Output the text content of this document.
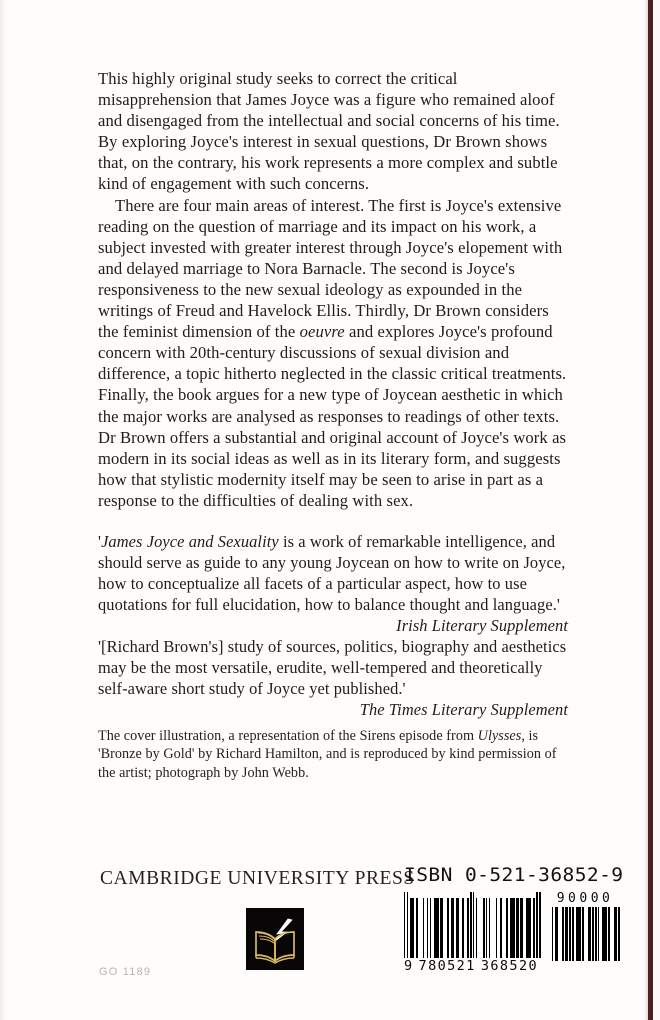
This highly original study seeks to correct the critical misapprehension that James Joyce was a figure who remained aloof and disengaged from the intellectual and social concerns of his time. By exploring Joyce's interest in sexual questions, Dr Brown shows that, on the contrary, his work represents a more complex and subtle kind of engagement with such concerns.

There are four main areas of interest. The first is Joyce's extensive reading on the question of marriage and its impact on his work, a subject invested with greater interest through Joyce's elopement with and delayed marriage to Nora Barnacle. The second is Joyce's responsiveness to the new sexual ideology as expounded in the writings of Freud and Havelock Ellis. Thirdly, Dr Brown considers the feminist dimension of the oeuvre and explores Joyce's profound concern with 20th-century discussions of sexual division and difference, a topic hitherto neglected in the classic critical treatments. Finally, the book argues for a new type of Joycean aesthetic in which the major works are analysed as responses to readings of other texts. Dr Brown offers a substantial and original account of Joyce's work as modern in its social ideas as well as in its literary form, and suggests how that stylistic modernity itself may be seen to arise in part as a response to the difficulties of dealing with sex.

'James Joyce and Sexuality is a work of remarkable intelligence, and should serve as guide to any young Joycean on how to write on Joyce, how to conceptualize all facets of a particular aspect, how to use quotations for full elucidation, how to balance thought and language.'
Irish Literary Supplement

'[Richard Brown's] study of sources, politics, biography and aesthetics may be the most versatile, erudite, well-tempered and theoretically self-aware short study of Joyce yet published.'
The Times Literary Supplement

The cover illustration, a representation of the Sirens episode from Ulysses, is 'Bronze by Gold' by Richard Hamilton, and is reproduced by kind permission of the artist; photograph by John Webb.

CAMBRIDGE UNIVERSITY PRESS
GO 1189
ISBN 0-521-36852-9
9 780521 368520
90000
